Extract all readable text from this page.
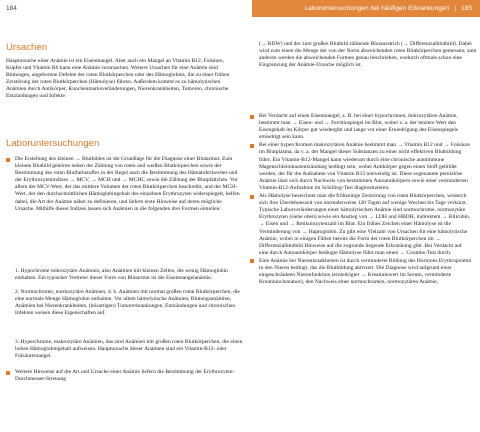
184	Laboruntersuchungen bei häufigen Erkrankungen | 185
Ursachen

Hauptursache einer Anämie ist ein Eisenmangel. Aber auch ein Mangel an Vitamin B12, Folsäure, Kupfer und Vitamin B6 kann eine Anämie verursachen. Weitere Ursachen für eine Anämie sind Blutungen, angeborene Defekte der roten Blutkörperchen oder des Hämoglobins, die zu einer frühen Zerstörung der roten Blutkörperchen (Hämolyse) führen. Außerdem kommt es zu hämolytischen Anämien durch Antikörper, Knochenmarksveränderungen, Nierenkrankheiten, Tumoren, chronische Entzündungen und Infekte.

Laboruntersuchungen
Die Erstellung des kleinen → Blutbildes ist die Grundlage für die Diagnose einer Blutarmut. Zum kleinen Blutbild gehören neben der Zählung von roten und weißen Blutkörperchen sowie der Bestimmung des roten Blutfarbstoffes in der Regel auch die Bestimmung des Hämatokritwertes und der Erythrozytenindizes → MCV, → MCH und → MCHC sowie die Zählung der Blutplättchen. Vor allem der MCV-Wert, der das mittlere Volumen der roten Blutkörperchen beschreibt, und der MCH-Wert, der den durchschnittlichen Hämoglobingehalt des einzelnen Erythrozyten widerspiegelt, helfen dabei, die Art der Anämie näher zu definieren, und liefern erste Hinweise auf deren mögliche Ursache. Mithilfe dieser Indizes lassen sich Anämien in die folgenden drei Formen einteilen:

1. Hypochrome mikrozytäre Anämien, also Anämien mit kleinen Zellen, die wenig Hämoglobin enthalten. Ein typischer Vertreter dieser Form von Blutarmut ist die Eisenmangelanämie.

2. Normochrome, normozytäre Anämien, d. h. Anämien mit normal großen roten Blutkörperchen, die eine normale Menge Hämoglobin enthalten. Vor allem hämolytische Anämien, Blutungsanämien, Anämien bei Nierenkrankheiten, (bösartigen) Tumorerkrankungen, Entzündungen und chronischen Infekten weisen diese Eigenschaften auf.

3. Hyperchrome, makrozytäre Anämien, das sind Anämien mit großen roten Blutkörperchen, die einen hohen Hämoglobingehalt aufweisen. Hauptursache dieser Anämien sind ein Vitamin-B12- oder Folsäuremangel.

Weitere Hinweise auf die Art und Ursache einer Anämie liefern die Bestimmung der Erythrozyten-Durchmesser-Streuung

(→ RDW) und der zum großen Blutbild zählende Blutausstrich (→ Differenzialblutbild). Dabei wird zum einen die Menge der von der Norm abweichenden roten Blutkörperchen gemessen, zum anderen werden die abweichenden Formen genau beschrieben, wodurch oftmals schon eine Eingrenzung der Anämie-Ursache möglich ist.

Bei Verdacht auf einen Eisenmangel, z. B. bei einer hypochromen, mikrozytären Anämie, bestimmt man → Eisen- und → Ferritinspiegel im Blut, wobei v. a. der letztere Wert den Eisengehalt im Körper gut wiedergibt und lange vor einer Erniedrigung des Eisenspiegels erniedrigt sein kann.
Bei einer hyperchromen makrozytären Anämie bestimmt man → Vitamin B12 und → Folsäure im Blutplasma, da v. a. der Mangel dieser Substanzen zu einer nicht effektiven Blutbildung führt. Ein Vitamin-B12-Mangel kann wiederum durch eine chronische autoimmune Magenschleimhautentzündung bedingt sein, wobei Antikörper gegen einen Stoff gebildet werden, der für die Aufnahme von Vitamin B12 notwendig ist. Diese sogenannte perniziöse Anämie lässt sich durch Nachweis von bestimmten Autoantikörpern sowie einer verminderten Vitamin-B12-Aufnahme im Schilling-Test diagnostizieren.
Als Hämolyse bezeichnet man die frühzeitige Zerstörung von roten Blutkörperchen, wodurch sich ihre Überlebenszeit von normalerweise 120 Tagen auf wenige Wochen bis Tage verkürzt. Typische Laborveränderungen einer hämolytischen Anämie sind normochrome, normozytäre Erythrozyten (siehe oben) sowie ein Anstieg von → LDH und HBDH, indirektem → Bilirubin, → Eisen und → Retikulozytenzahl im Blut. Ein frühes Zeichen einer Hämolyse ist die Verminderung von → Haptoglobin. Zu gibt eine Vielzahl von Ursachen für eine hämolytische Anämie, wobei in einigen Fällen bereits die Form der roten Blutkörperchen im → Differenzialblutbild Hinweise auf die zugrunde liegende Erkrankung gibt. Bei Verdacht auf eine durch Autoantikörper bedingte Hämolyse führt man einen → Coombs-Test durch.
Eine Anämie bei Nierenkrankheiten ist durch verminderte Bildung des Hormons Erythropoietin in den Nieren bedingt, das die Blutbildung aktiviert. Die Diagnose wird aufgrund einer eingeschränkten Nierenfunktion (erniedrigter → Kreatininwert im Serum, verminderte Kreatininclearance), den Nachweis einer normochromen, normozytären Anämie,
